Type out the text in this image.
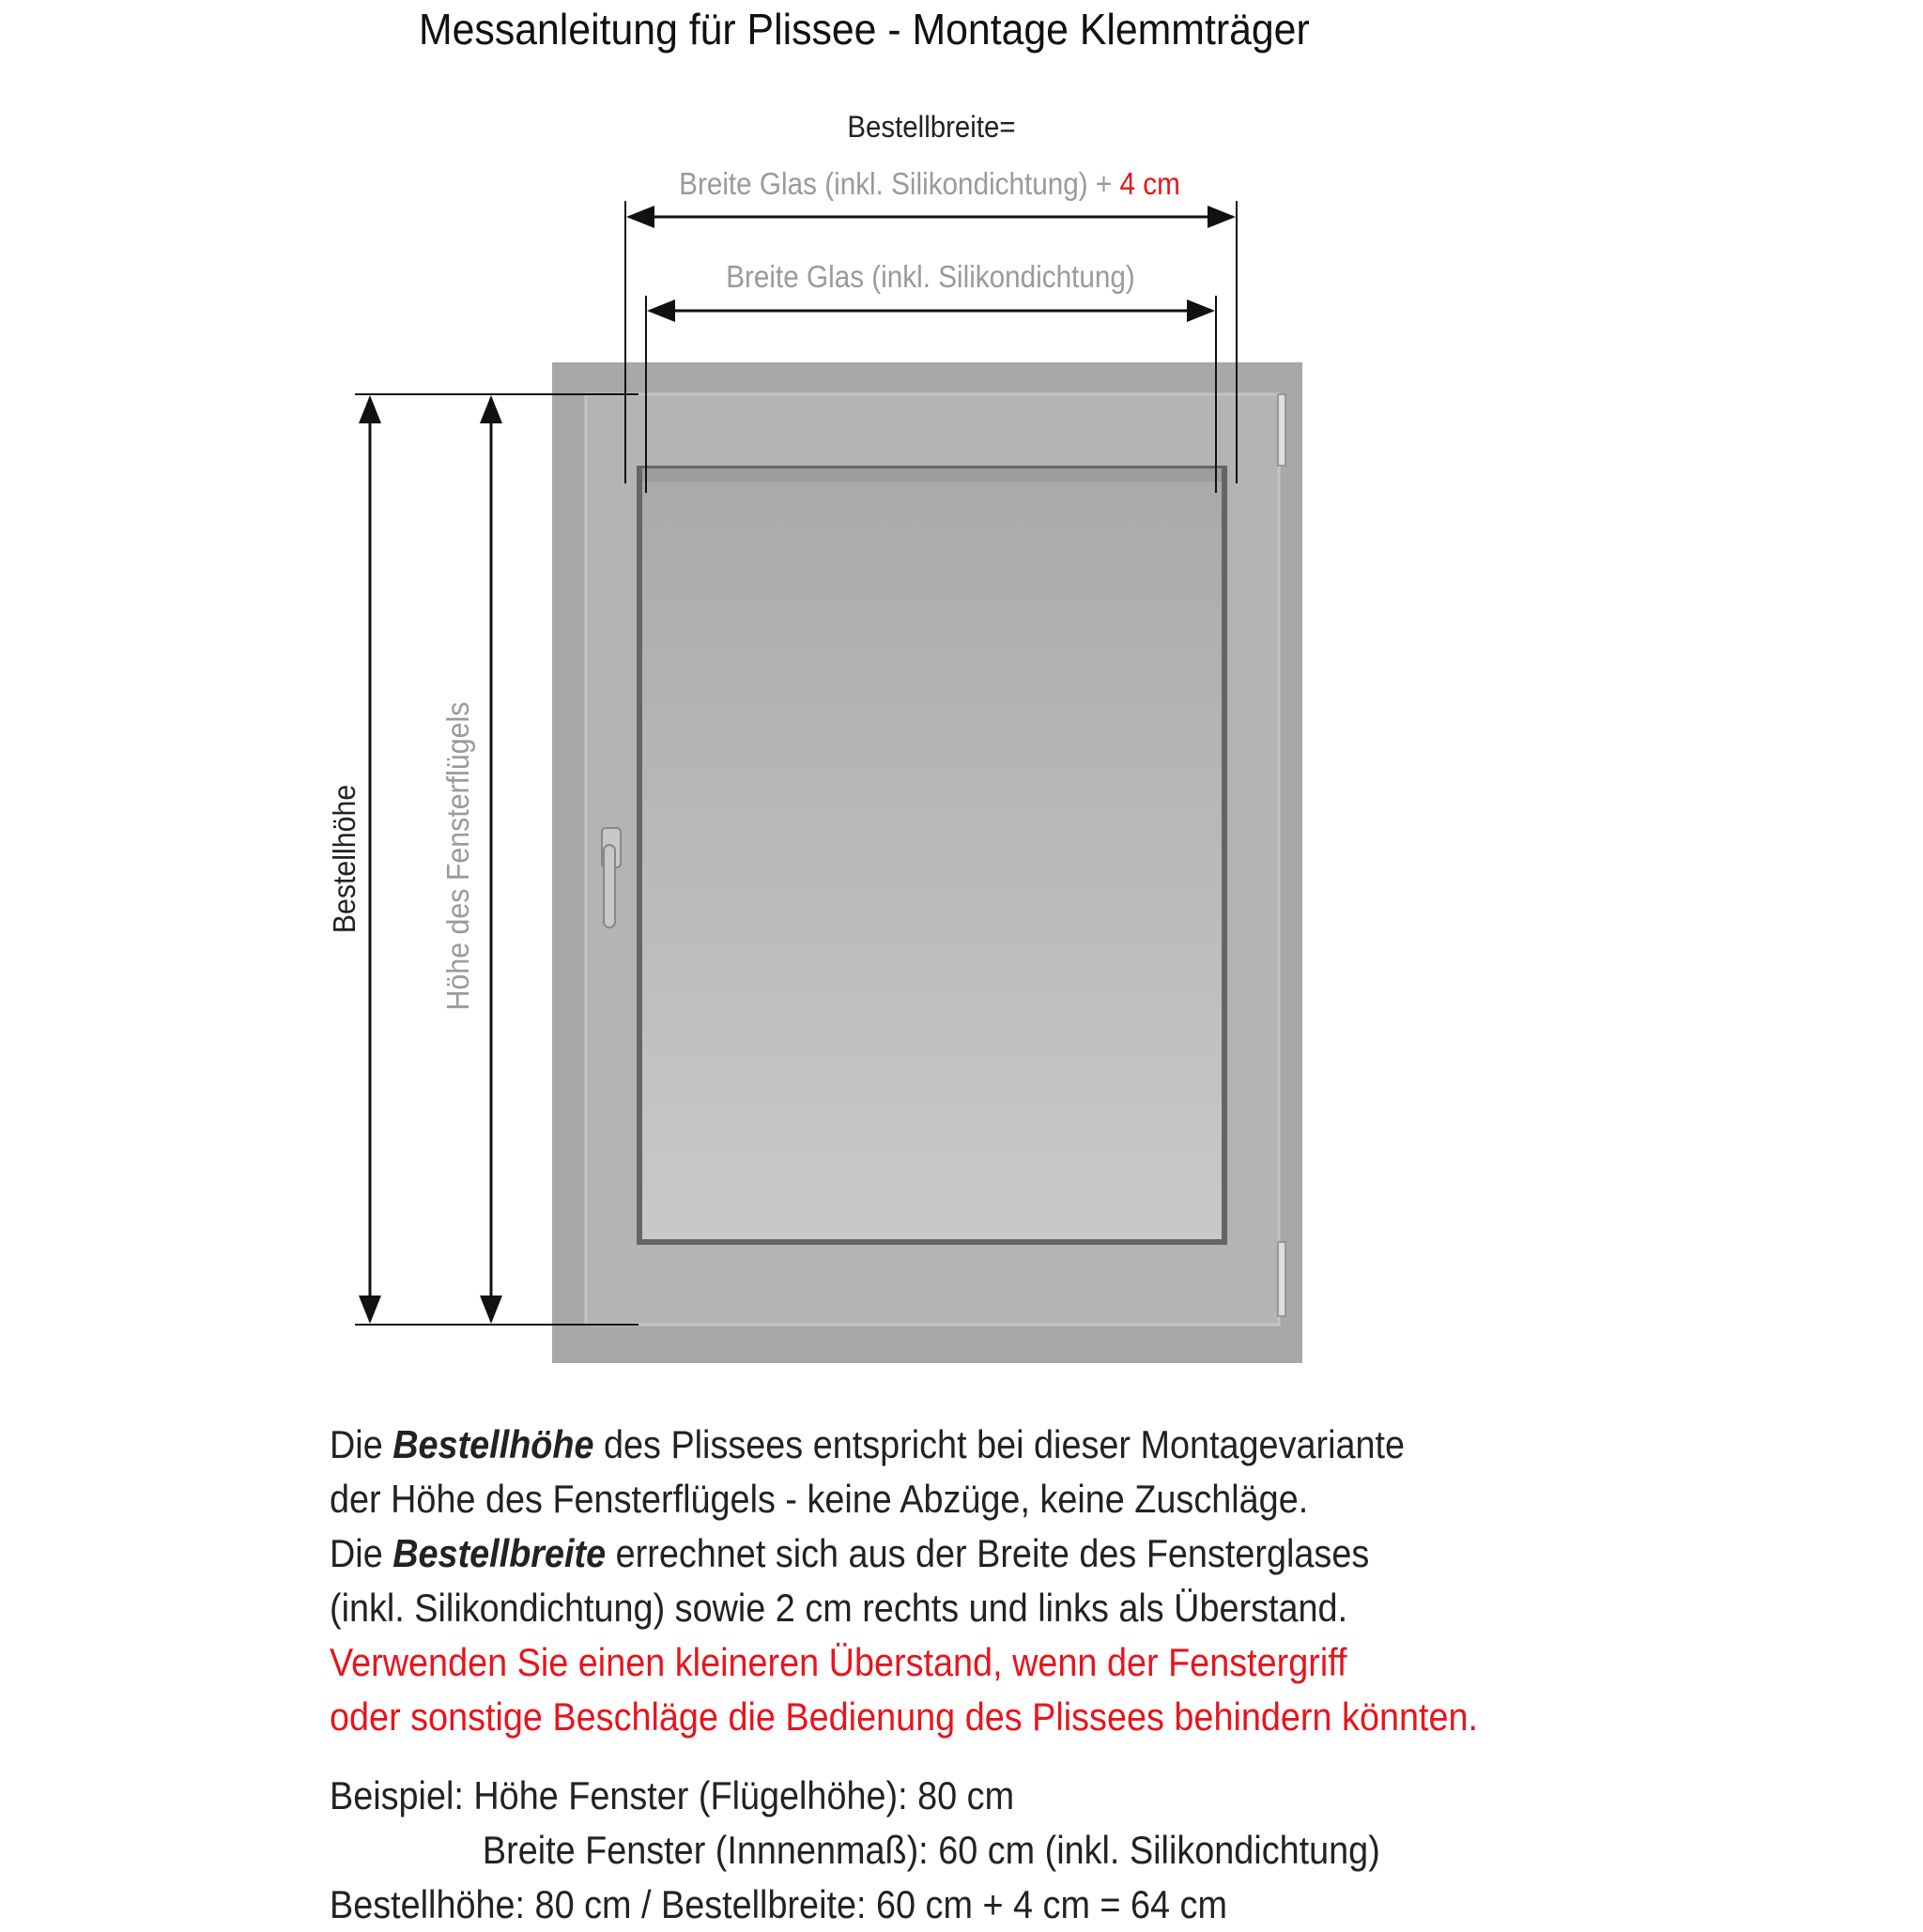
Messanleitung für Plissee - Montage Klemmträger
Bestellbreite=
Breite Glas (inkl. Silikondichtung) + 4 cm
Breite Glas (inkl. Silikondichtung)
Bestellhöhe	Höhe des Fensterflügels
Die Bestellhöhe des Plissees entspricht bei dieser Montagevariante
der Höhe des Fensterflügels - keine Abzüge, keine Zuschläge.
Die Bestellbreite errechnet sich aus der Breite des Fensterglases
(inkl. Silikondichtung) sowie 2 cm rechts und links als Überstand.
Verwenden Sie einen kleineren Überstand, wenn der Fenstergriff
oder sonstige Beschläge die Bedienung des Plissees behindern könnten.
Beispiel: Höhe Fenster (Flügelhöhe): 80 cm
Breite Fenster (Innnenmaß): 60 cm (inkl. Silikondichtung)
Bestellhöhe: 80 cm / Bestellbreite: 60 cm + 4 cm = 64 cm
